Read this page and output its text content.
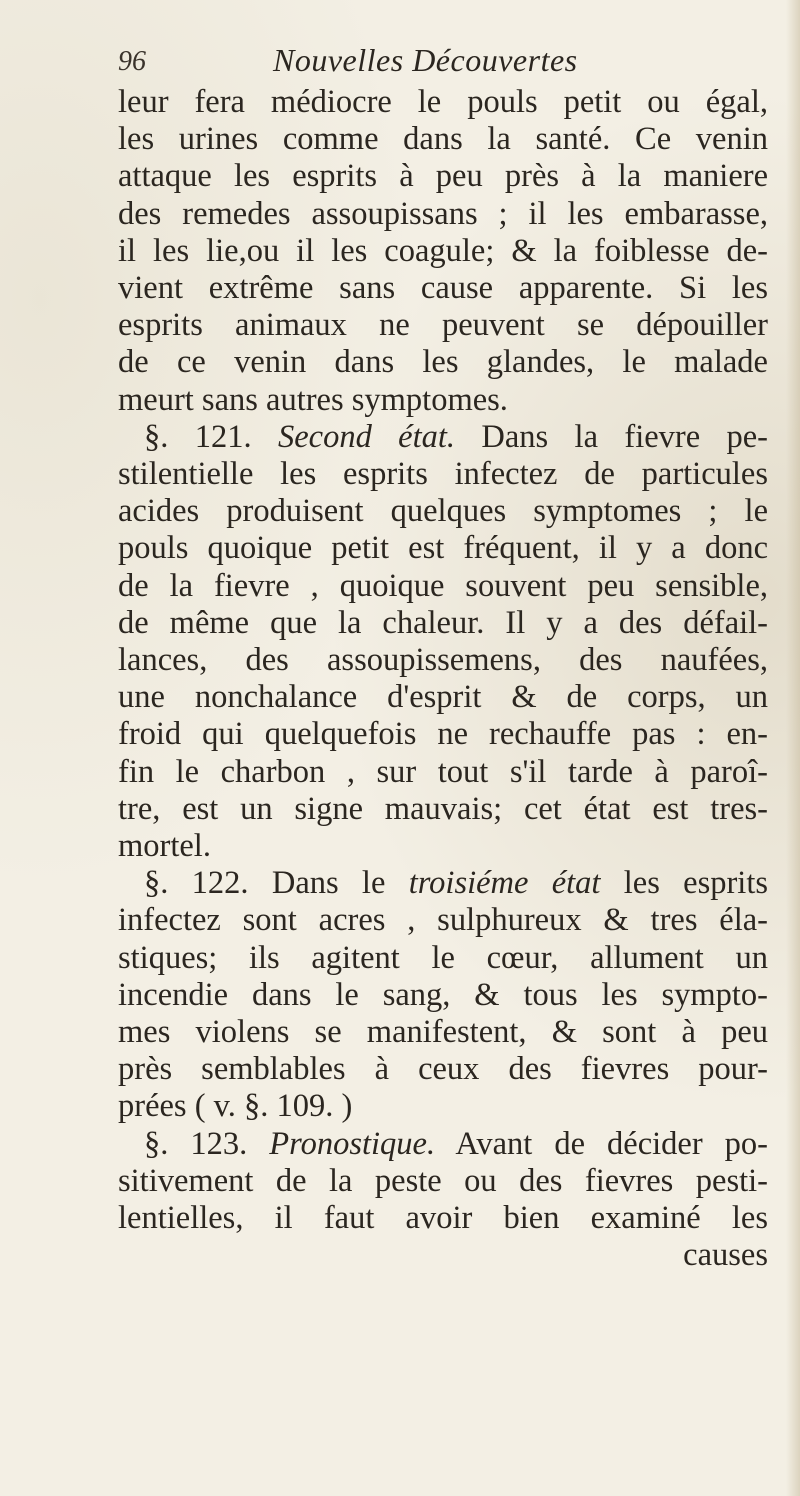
96	Nouvelles Découvertes
leur fera médiocre le pouls petit ou égal,
les urines comme dans la santé. Ce venin
attaque les esprits à peu près à la maniere
des remedes assoupissans ; il les embarasse,
il les lie,ou il les coagule; & la foiblesse de-
vient extrême sans cause apparente. Si les
esprits animaux ne peuvent se dépouiller
de ce venin dans les glandes, le malade
meurt sans autres symptomes.
§. 121. Second état. Dans la fievre pe-
stilentielle les esprits infectez de particules
acides produisent quelques symptomes ; le
pouls quoique petit est fréquent, il y a donc
de la fievre , quoique souvent peu sensible,
de même que la chaleur. Il y a des défail-
lances, des assoupissemens, des naufées,
une nonchalance d'esprit & de corps, un
froid qui quelquefois ne rechauffe pas : en-
fin le charbon , sur tout s'il tarde à paroî-
tre, est un signe mauvais; cet état est tres-
mortel.
§. 122. Dans le troisiéme état les esprits
infectez sont acres , sulphureux & tres éla-
stiques; ils agitent le cœur, allument un
incendie dans le sang, & tous les sympto-
mes violens se manifestent, & sont à peu
près semblables à ceux des fievres pour-
prées ( v. §. 109. )
§. 123. Pronostique. Avant de décider po-
sitivement de la peste ou des fievres pesti-
lentielles, il faut avoir bien examiné les
causes
